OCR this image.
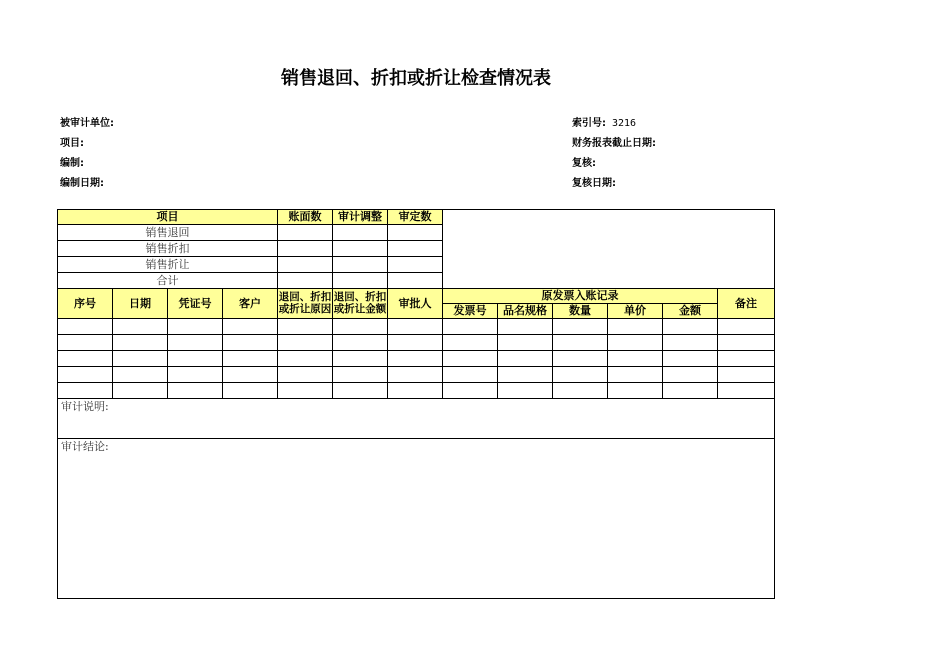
销售退回、折扣或折让检查情况表
被审计单位:
项目:
编制:
编制日期:
索引号: 3216
财务报表截止日期:
复核:
复核日期:
项目				账面数	审计调整	审定数						
销售退回												
销售折扣												
销售折让												
合计												
序号	日期	凭证号	客户	退回、折扣或折让原因	退回、折扣或折让金额	审批人	原发票入账记录					备注
							发票号	品名规格	数量	单价	金额	

审计说明:												
审计结论:												
